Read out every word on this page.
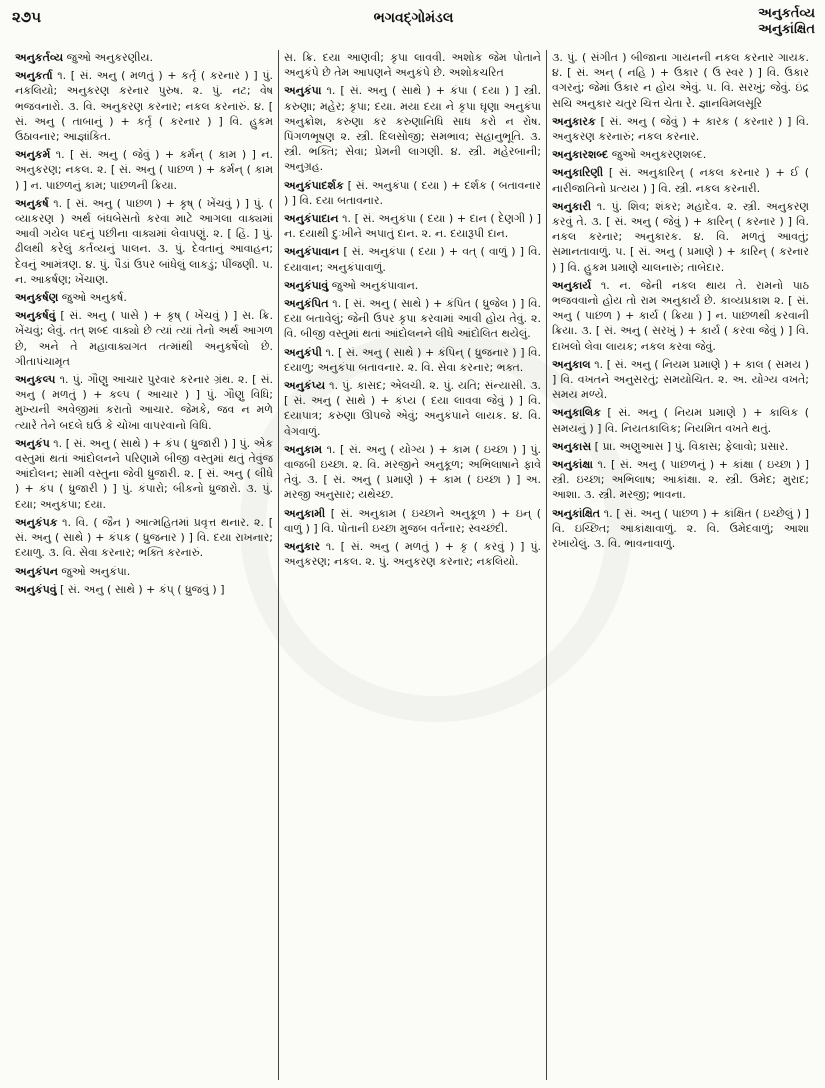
૨૭૫	ભગવદ્ગોમંડલ	અનુકર્તવ્ય
અનુકાંક્ષિત

અનુકર્તવ્ય જુઓ અનુકરણીય.

અનુકર્તા ૧. [ સં. અનુ ( મળતું ) + કર્તૃ ( કરનાર ) ] પું. નકલિયો; અનુકરણ કરનાર પુરુષ. ૨. પું. નટ; વેષ ભજવનારો. ૩. વિ. અનુકરણ કરનાર; નકલ કરનારું. ૪. [ સં. અનુ ( તાબાનું ) + કર્તૃ ( કરનાર ) ] વિ. હુકમ ઉઠાવનાર; આજ્ઞાંકિત.

અનુકર્મ ૧. [ સં. અનુ ( જેવું ) + કર્મન્ ( કામ ) ] ન. અનુકરણ; નકલ. ૨. [ સં. અનુ ( પાછળ ) + કર્મન્ ( કામ ) ] ન. પાછળનું કામ; પાછળની ક્રિયા.

અનુકર્ષ ૧. [ સં. અનુ ( પાછળ ) + કૃષ્ ( ખેંચવું ) ] પું. ( વ્યાકરણ ) અર્થ બંધબેસતો કરવા માટે આગલા વાક્યમાં આવી ગયેલ પદનું પછીના વાક્યમાં લેવાપણું. ૨. [ હિં. ] પું. ઢીલથી કરેલું કર્તવ્યનું પાલન. ૩. પું. દેવતાનું આવાહન; દેવનું આમંત્રણ. ૪. પું. પૈડાં ઉપર બાંધેલું લાકડું; પીંજણી. ૫. ન. આકર્ષણ; ખેંચાણ.

અનુકર્ષણ જુઓ અનુકર્ષ.

અનુકર્ષવું [ સં. અનુ ( પાસે ) + કૃષ્ ( ખેંચવું ) ] સ. ક્રિ. ખેંચવું; લેવું. તત્ શબ્દ વાક્યો છે ત્યાં ત્યાં તેનો અર્થ આગળ છે, અને તે મહાવાક્યગત તત્માંથી અનુકર્ષેલો છે. ગીતાપંચામૃત

અનુકલ્પ ૧. પું. ગૌણુ આચાર પુરવાર કરનાર ગ્રંથ. ૨. [ સં. અનુ ( મળતું ) + કલ્પ ( આચાર ) ] પું. ગૌણુ વિધિ; મુખ્યની અવેજીમાં કરાતો આચાર. જેમકે, જવ ન મળે ત્યારે તેને બદલે ઘઉં કે ચોખા વાપરવાનો વિધિ.

અનુકંપ ૧. [ સં. અનુ ( સાથે ) + કંપ ( ધ્રુજારી ) ] પું. એક વસ્તુમાં થતાં આંદોલનને પરિણામે બીજી વસ્તુમાં થતું તેવુંજ આંદોલન; સામી વસ્તુના જેવી ધ્રુજારી. ૨. [ સં. અનુ ( લીધે ) + કંપ ( ધ્રુજારી ) ] પું. કંપારો; બીકનો ધ્રુજારો. ૩. પું. દયા; અનુકંપા; દયા.

અનુકંપક ૧. વિ. ( જૈન ) આત્મહિતમાં પ્રવૃત્ત થનાર. ૨. [ સં. અનુ ( સાથે ) + કંપક ( ધ્રુજનાર ) ] વિ. દયા રાખનાર; દયાળુ. ૩. વિ. સેવા કરનાર; ભક્તિ કરનારું.

અનુકંપન જુઓ અનુકંપા.

અનુકંપવું [ સં. અનુ ( સાથે ) + કંપ્ ( ધ્રુજવું ) ]

સ. ક્રિ. દયા આણવી; કૃપા લાવવી. અશોક જેમ પોતાને અનુકંપે છે તેમ આપણને અનુકંપે છે. અશોકચરિત

અનુકંપા ૧. [ સં. અનુ ( સાથે ) + કંપા ( દયા ) ] સ્ત્રી. કરુણા; મહેર; કૃપા; દયા. મયા દયા ને કૃપા ઘૃણા અનુકંપા અનુક્રોશ, કરુણા કર કરુણાનિધિ સાધ કરો ન રોષ. પિંગળભૂષણ ૨. સ્ત્રી. દિલસોજી; સમભાવ; સહાનુભૂતિ. ૩. સ્ત્રી. ભક્તિ; સેવા; પ્રેમની લાગણી. ૪. સ્ત્રી. મહેરબાની; અનુગ્રહ.

અનુકંપાદર્શક [ સં. અનુકંપા ( દયા ) + દર્શક ( બતાવનાર ) ] વિ. દયા બતાવનાર.

અનુકંપાદાન ૧. [ સં. અનુકંપા ( દયા ) + દાન ( દેણગી ) ] ન. દયાથી દુઃખીને અપાતું દાન. ૨. ન. દયારૂપી દાન.

અનુકંપાવાન [ સં. અનુકંપા ( દયા ) + વત્ ( વાળું ) ] વિ. દયાવાન; અનુકંપાવાળું.

અનુકંપાવું જુઓ અનુકંપાવાન.

અનુકંપિત ૧. [ સં. અનુ ( સાથે ) + કંપિત ( ધ્રુજેલ ) ] વિ. દયા બતાવેલું; જેની ઉપર કૃપા કરવામાં આવી હોય તેવું. ૨. વિ. બીજી વસ્તુમાં થતાં આંદોલનને લીધે આંદોલિત થયેલું.

અનુકંપી ૧. [ સં. અનુ ( સાથે ) + કંપિન્ ( ધ્રુજનાર ) ] વિ. દયાળુ; અનુકંપા બતાવનાર. ૨. વિ. સેવા કરનાર; ભક્ત.

અનુકંપ્ય ૧. પું. કાસદ; એલચી. ૨. પું. યતિ; સંન્યાસી. ૩. [ સં. અનુ ( સાથે ) + કંપ્ય ( દયા લાવવા જેવું ) ] વિ. દયાપાત્ર; કરુણા ઊપજે એવું; અનુકંપાને લાયક. ૪. વિ. વેગવાળું.

અનુકામ ૧. [ સં. અનુ ( યોગ્ય ) + કામ ( ઇચ્છા ) ] પું. વાજબી ઇચ્છા. ૨. વિ. મરજીને અનુકૂળ; અભિલાષાને ફાવે તેવું. ૩. [ સં. અનુ ( પ્રમાણે ) + કામ ( ઇચ્છા ) ] અ. મરજી અનુસાર; યથેચ્છ.

અનુકામી [ સં. અનુકામ ( ઇચ્છાને અનુકૂળ ) + ઇન્ ( વાળું ) ] વિ. પોતાની ઇચ્છા મુજબ વર્તનાર; સ્વચ્છંદી.

અનુકાર ૧. [ સં. અનુ ( મળતું ) + કૃ ( કરવું ) ] પું. અનુકરણ; નકલ. ૨. પું. અનુકરણ કરનાર; નકલિયો.

૩. પું. ( સંગીત ) બીજાના ગાયનની નકલ કરનાર ગાયક. ૪. [ સં. અન્ ( નહિ ) + ઉકાર ( ઉ સ્વર ) ] વિ. ઉકાર વગરનું; જેમાં ઉકાર ન હોય એવું. ૫. વિ. સરખું; જેવું. ઇંદ્ર સચિ અનુકાર ચતુર ચિત્ત ચેતા રે. જ્ઞાનવિમલસૂરિ

અનુકારક [ સં. અનુ ( જેવું ) + કારક ( કરનાર ) ] વિ. અનુકરણ કરનારું; નકલ કરનાર.

અનુકારશબ્દ જુઓ અનુકરણશબ્દ.

અનુકારિણી [ સં. અનુકારિન્ ( નકલ કરનાર ) + ઈ ( નારીજાતિનો પ્રત્યય ) ] વિ. સ્ત્રી. નકલ કરનારી.

અનુકારી ૧. પું. શિવ; શંકર; મહાદેવ. ૨. સ્ત્રી. અનુકરણ કરવું તે. ૩. [ સં. અનુ ( જેવું ) + કારિન્ ( કરનાર ) ] વિ. નકલ કરનાર; અનુકારક. ૪. વિ. મળતું આવતું; સમાનતાવાળું. ૫. [ સં. અનુ ( પ્રમાણે ) + કારિન્ ( કરનાર ) ] વિ. હુકમ પ્રમાણે ચાલનારું; તાબેદાર.

અનુકાર્ય ૧. ન. જેની નકલ થાય તે. રામનો પાઠ ભજવવાનો હોય તો રામ અનુકાર્ય છે. કાવ્યપ્રકાશ ૨. [ સં. અનુ ( પાછળ ) + કાર્ય ( ક્રિયા ) ] ન. પાછળથી કરવાની ક્રિયા. ૩. [ સં. અનુ ( સરખું ) + કાર્ય ( કરવા જેવું ) ] વિ. દાખલો લેવા લાયક; નકલ કરવા જેવું.

અનુકાલ ૧. [ સં. અનુ ( નિયમ પ્રમાણે ) + કાલ ( સમય ) ] વિ. વખતને અનુસરતું; સમયોચિત. ૨. અ. યોગ્ય વખતે; સમય મળ્યે.

અનુકાલિક [ સં. અનુ ( નિયમ પ્રમાણે ) + કાલિક ( સમયનું ) ] વિ. નિયતકાલિક; નિયમિત વખતે થતું.

અનુકાસ [ પ્રા. અણુઆસ ] પું. વિકાસ; ફેલાવો; પ્રસાર.

અનુકાંક્ષા ૧. [ સં. અનુ ( પાછળનું ) + કાંક્ષા ( ઇચ્છા ) ] સ્ત્રી. ઇચ્છા; અભિલાષ; આકાંક્ષા. ૨. સ્ત્રી. ઉમેદ; મુરાદ; આશા. ૩. સ્ત્રી. મરજી; ભાવના.

અનુકાંક્ષિત ૧. [ સં. અનુ ( પાછળ ) + કાંક્ષિત ( ઇચ્છેલું ) ] વિ. ઇચ્છિત; આકાંક્ષાવાળું. ૨. વિ. ઉમેદવાળું; આશા રખાયેલું. ૩. વિ. ભાવનાવાળું.
